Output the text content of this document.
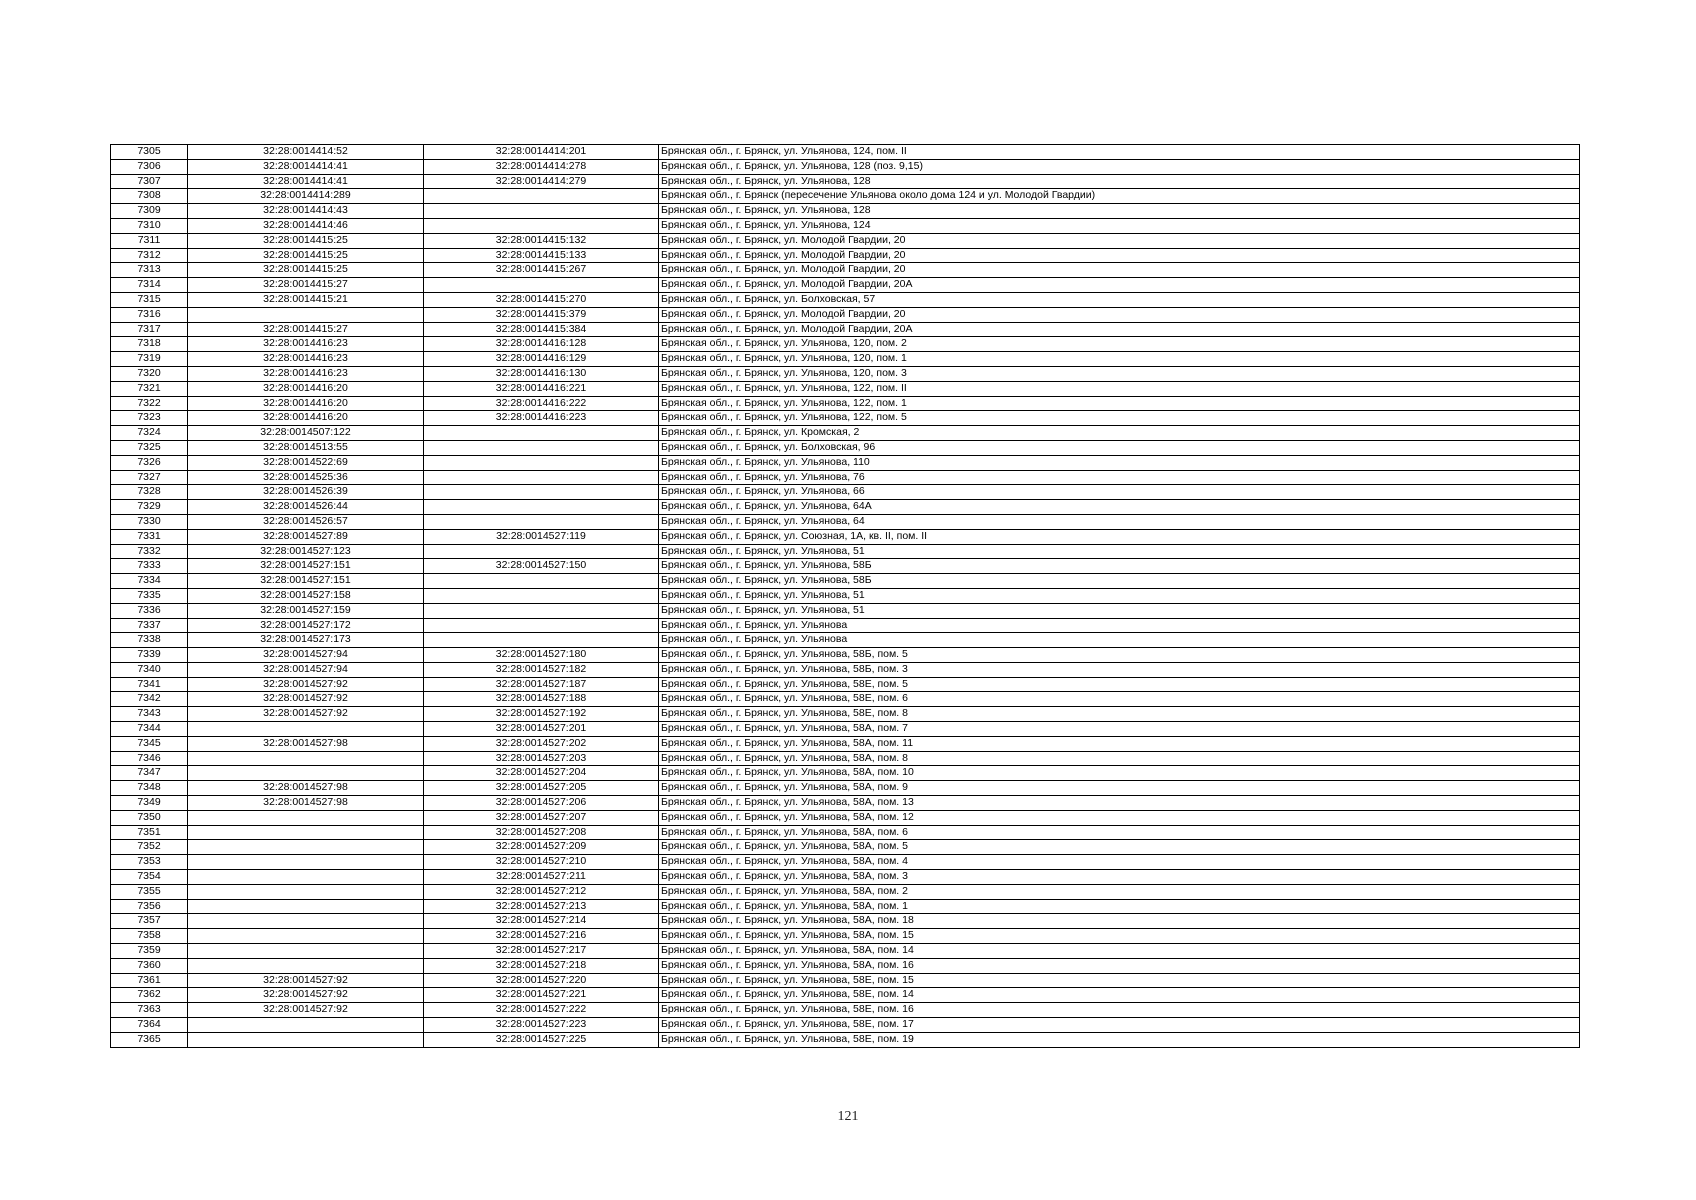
7305	32:28:0014414:52	32:28:0014414:201	Брянская обл., г. Брянск, ул. Ульянова, 124, пом. II
7306	32:28:0014414:41	32:28:0014414:278	Брянская обл., г. Брянск, ул. Ульянова, 128 (поз. 9,15)
7307	32:28:0014414:41	32:28:0014414:279	Брянская обл., г. Брянск, ул. Ульянова, 128
7308	32:28:0014414:289		Брянская обл., г. Брянск (пересечение Ульянова около дома 124 и ул. Молодой Гвардии)
7309	32:28:0014414:43		Брянская обл., г. Брянск, ул. Ульянова, 128
7310	32:28:0014414:46		Брянская обл., г. Брянск, ул. Ульянова, 124
7311	32:28:0014415:25	32:28:0014415:132	Брянская обл., г. Брянск, ул. Молодой Гвардии, 20
7312	32:28:0014415:25	32:28:0014415:133	Брянская обл., г. Брянск, ул. Молодой Гвардии, 20
7313	32:28:0014415:25	32:28:0014415:267	Брянская обл., г. Брянск, ул. Молодой Гвардии, 20
7314	32:28:0014415:27		Брянская обл., г. Брянск, ул. Молодой Гвардии, 20А
7315	32:28:0014415:21	32:28:0014415:270	Брянская обл., г. Брянск, ул. Болховская, 57
7316		32:28:0014415:379	Брянская обл., г. Брянск, ул. Молодой Гвардии, 20
7317	32:28:0014415:27	32:28:0014415:384	Брянская обл., г. Брянск, ул. Молодой Гвардии, 20А
7318	32:28:0014416:23	32:28:0014416:128	Брянская обл., г. Брянск, ул. Ульянова, 120, пом. 2
7319	32:28:0014416:23	32:28:0014416:129	Брянская обл., г. Брянск, ул. Ульянова, 120, пом. 1
7320	32:28:0014416:23	32:28:0014416:130	Брянская обл., г. Брянск, ул. Ульянова, 120, пом. 3
7321	32:28:0014416:20	32:28:0014416:221	Брянская обл., г. Брянск, ул. Ульянова, 122, пом. II
7322	32:28:0014416:20	32:28:0014416:222	Брянская обл., г. Брянск, ул. Ульянова, 122, пом. 1
7323	32:28:0014416:20	32:28:0014416:223	Брянская обл., г. Брянск, ул. Ульянова, 122, пом. 5
7324	32:28:0014507:122		Брянская обл., г. Брянск, ул. Кромская, 2
7325	32:28:0014513:55		Брянская обл., г. Брянск, ул. Болховская, 96
7326	32:28:0014522:69		Брянская обл., г. Брянск, ул. Ульянова, 110
7327	32:28:0014525:36		Брянская обл., г. Брянск, ул. Ульянова, 76
7328	32:28:0014526:39		Брянская обл., г. Брянск, ул. Ульянова, 66
7329	32:28:0014526:44		Брянская обл., г. Брянск, ул. Ульянова, 64А
7330	32:28:0014526:57		Брянская обл., г. Брянск, ул. Ульянова, 64
7331	32:28:0014527:89	32:28:0014527:119	Брянская обл., г. Брянск, ул. Союзная, 1А, кв. II, пом. II
7332	32:28:0014527:123		Брянская обл., г. Брянск, ул. Ульянова, 51
7333	32:28:0014527:151	32:28:0014527:150	Брянская обл., г. Брянск, ул. Ульянова, 58Б
7334	32:28:0014527:151		Брянская обл., г. Брянск, ул. Ульянова, 58Б
7335	32:28:0014527:158		Брянская обл., г. Брянск, ул. Ульянова, 51
7336	32:28:0014527:159		Брянская обл., г. Брянск, ул. Ульянова, 51
7337	32:28:0014527:172		Брянская обл., г. Брянск, ул. Ульянова
7338	32:28:0014527:173		Брянская обл., г. Брянск, ул. Ульянова
7339	32:28:0014527:94	32:28:0014527:180	Брянская обл., г. Брянск, ул. Ульянова, 58Б, пом. 5
7340	32:28:0014527:94	32:28:0014527:182	Брянская обл., г. Брянск, ул. Ульянова, 58Б, пом. 3
7341	32:28:0014527:92	32:28:0014527:187	Брянская обл., г. Брянск, ул. Ульянова, 58Е, пом. 5
7342	32:28:0014527:92	32:28:0014527:188	Брянская обл., г. Брянск, ул. Ульянова, 58Е, пом. 6
7343	32:28:0014527:92	32:28:0014527:192	Брянская обл., г. Брянск, ул. Ульянова, 58Е, пом. 8
7344		32:28:0014527:201	Брянская обл., г. Брянск, ул. Ульянова, 58А, пом. 7
7345	32:28:0014527:98	32:28:0014527:202	Брянская обл., г. Брянск, ул. Ульянова, 58А, пом. 11
7346		32:28:0014527:203	Брянская обл., г. Брянск, ул. Ульянова, 58А, пом. 8
7347		32:28:0014527:204	Брянская обл., г. Брянск, ул. Ульянова, 58А, пом. 10
7348	32:28:0014527:98	32:28:0014527:205	Брянская обл., г. Брянск, ул. Ульянова, 58А, пом. 9
7349	32:28:0014527:98	32:28:0014527:206	Брянская обл., г. Брянск, ул. Ульянова, 58А, пом. 13
7350		32:28:0014527:207	Брянская обл., г. Брянск, ул. Ульянова, 58А, пом. 12
7351		32:28:0014527:208	Брянская обл., г. Брянск, ул. Ульянова, 58А, пом. 6
7352		32:28:0014527:209	Брянская обл., г. Брянск, ул. Ульянова, 58А, пом. 5
7353		32:28:0014527:210	Брянская обл., г. Брянск, ул. Ульянова, 58А, пом. 4
7354		32:28:0014527:211	Брянская обл., г. Брянск, ул. Ульянова, 58А, пом. 3
7355		32:28:0014527:212	Брянская обл., г. Брянск, ул. Ульянова, 58А, пом. 2
7356		32:28:0014527:213	Брянская обл., г. Брянск, ул. Ульянова, 58А, пом. 1
7357		32:28:0014527:214	Брянская обл., г. Брянск, ул. Ульянова, 58А, пом. 18
7358		32:28:0014527:216	Брянская обл., г. Брянск, ул. Ульянова, 58А, пом. 15
7359		32:28:0014527:217	Брянская обл., г. Брянск, ул. Ульянова, 58А, пом. 14
7360		32:28:0014527:218	Брянская обл., г. Брянск, ул. Ульянова, 58А, пом. 16
7361	32:28:0014527:92	32:28:0014527:220	Брянская обл., г. Брянск, ул. Ульянова, 58Е, пом. 15
7362	32:28:0014527:92	32:28:0014527:221	Брянская обл., г. Брянск, ул. Ульянова, 58Е, пом. 14
7363	32:28:0014527:92	32:28:0014527:222	Брянская обл., г. Брянск, ул. Ульянова, 58Е, пом. 16
7364		32:28:0014527:223	Брянская обл., г. Брянск, ул. Ульянова, 58Е, пом. 17
7365		32:28:0014527:225	Брянская обл., г. Брянск, ул. Ульянова, 58Е, пом. 19
121
